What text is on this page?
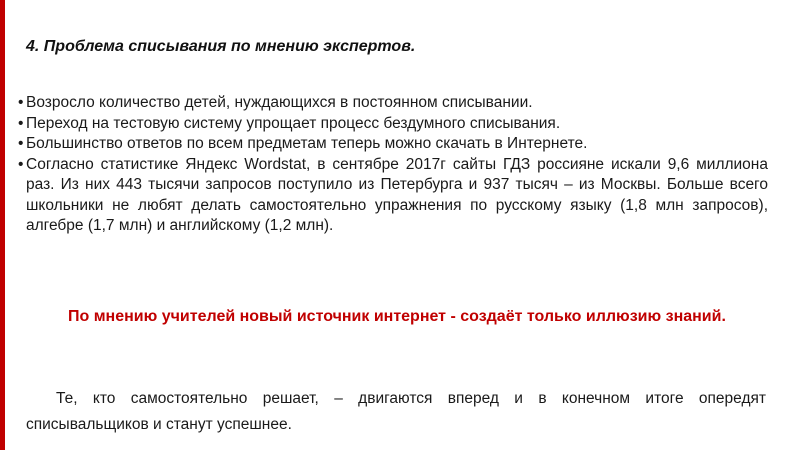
4. Проблема списывания по мнению экспертов.
• Возросло количество детей, нуждающихся в постоянном списывании.
• Переход на тестовую систему упрощает процесс бездумного списывания.
• Большинство ответов по всем предметам теперь можно скачать в Интернете.
• Согласно статистике Яндекс Wordstat, в сентябре 2017г сайты ГДЗ россияне искали 9,6 миллиона раз. Из них 443 тысячи запросов поступило из Петербурга и 937 тысяч – из Москвы. Больше всего школьники не любят делать самостоятельно упражнения по русскому языку (1,8 млн запросов), алгебре (1,7 млн) и английскому (1,2 млн).
По мнению учителей новый источник интернет - создаёт только иллюзию знаний.
Те, кто самостоятельно решает, – двигаются вперед и в конечном итоге опередят списывальщиков и станут успешнее.
